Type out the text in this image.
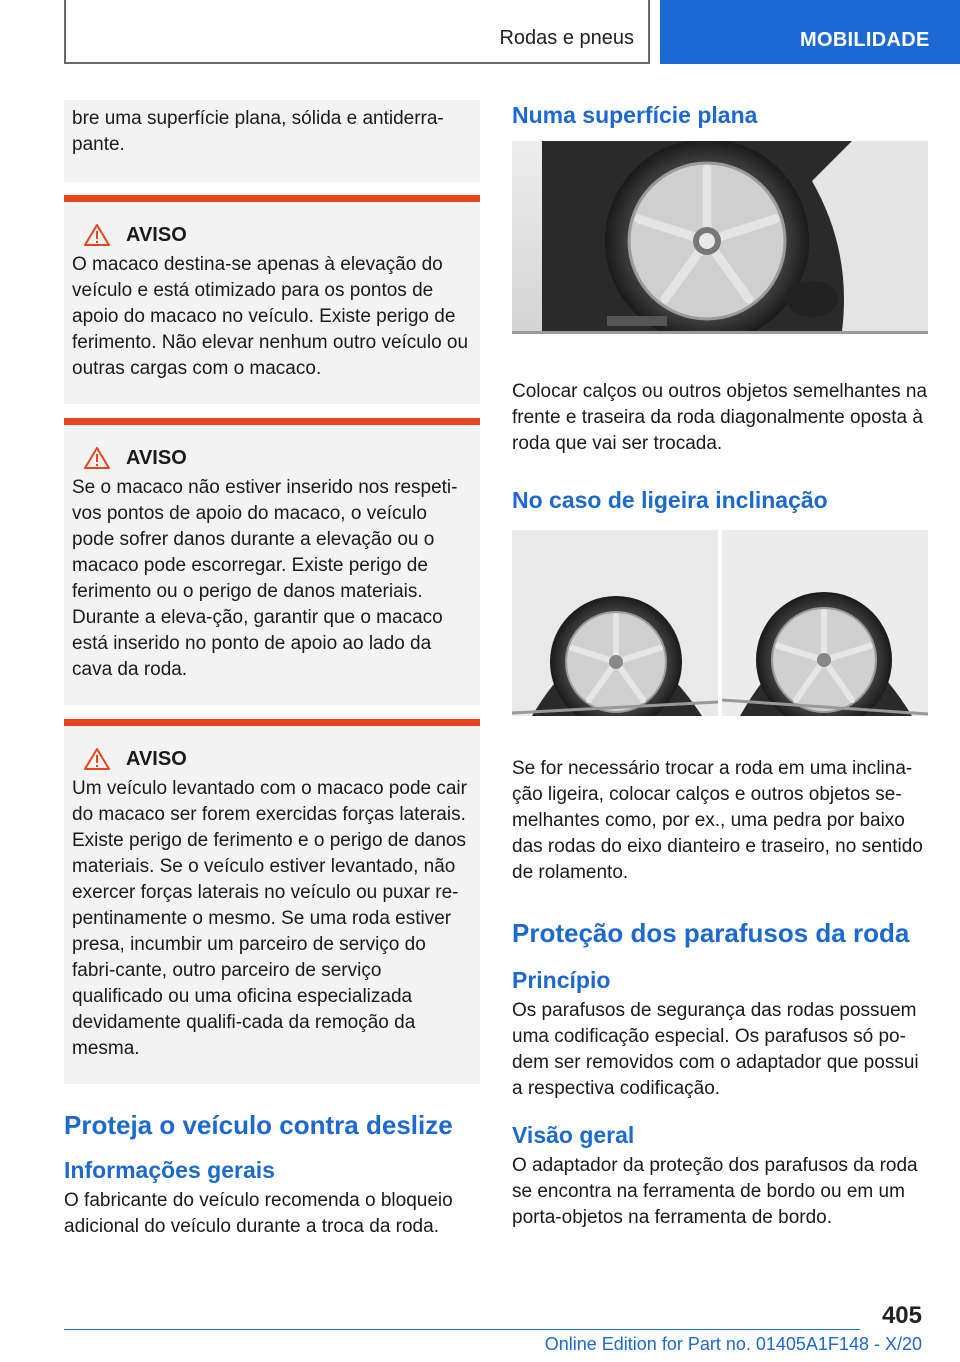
Rodas e pneus	MOBILIDADE
bre uma superfície plana, sólida e antiderra-pante.
AVISO
O macaco destina-se apenas à elevação do veículo e está otimizado para os pontos de apoio do macaco no veículo. Existe perigo de ferimento. Não elevar nenhum outro veículo ou outras cargas com o macaco.
AVISO
Se o macaco não estiver inserido nos respeti-vos pontos de apoio do macaco, o veículo pode sofrer danos durante a elevação ou o macaco pode escorregar. Existe perigo de ferimento ou o perigo de danos materiais. Durante a eleva-ção, garantir que o macaco está inserido no ponto de apoio ao lado da cava da roda.
AVISO
Um veículo levantado com o macaco pode cair do macaco ser forem exercidas forças laterais. Existe perigo de ferimento e o perigo de danos materiais. Se o veículo estiver levantado, não exercer forças laterais no veículo ou puxar re-pentinamente o mesmo. Se uma roda estiver presa, incumbir um parceiro de serviço do fabri-cante, outro parceiro de serviço qualificado ou uma oficina especializada devidamente qualifi-cada da remoção da mesma.
Proteja o veículo contra deslize
Informações gerais
O fabricante do veículo recomenda o bloqueio adicional do veículo durante a troca da roda.
Numa superfície plana
Colocar calços ou outros objetos semelhantes na frente e traseira da roda diagonalmente oposta à roda que vai ser trocada.
No caso de ligeira inclinação
Se for necessário trocar a roda em uma inclina-ção ligeira, colocar calços e outros objetos se-melhantes como, por ex., uma pedra por baixo das rodas do eixo dianteiro e traseiro, no sentido de rolamento.
Proteção dos parafusos da roda
Princípio
Os parafusos de segurança das rodas possuem uma codificação especial. Os parafusos só po-dem ser removidos com o adaptador que possui a respectiva codificação.
Visão geral
O adaptador da proteção dos parafusos da roda se encontra na ferramenta de bordo ou em um porta-objetos na ferramenta de bordo.
405
Online Edition for Part no. 01405A1F148 - X/20
